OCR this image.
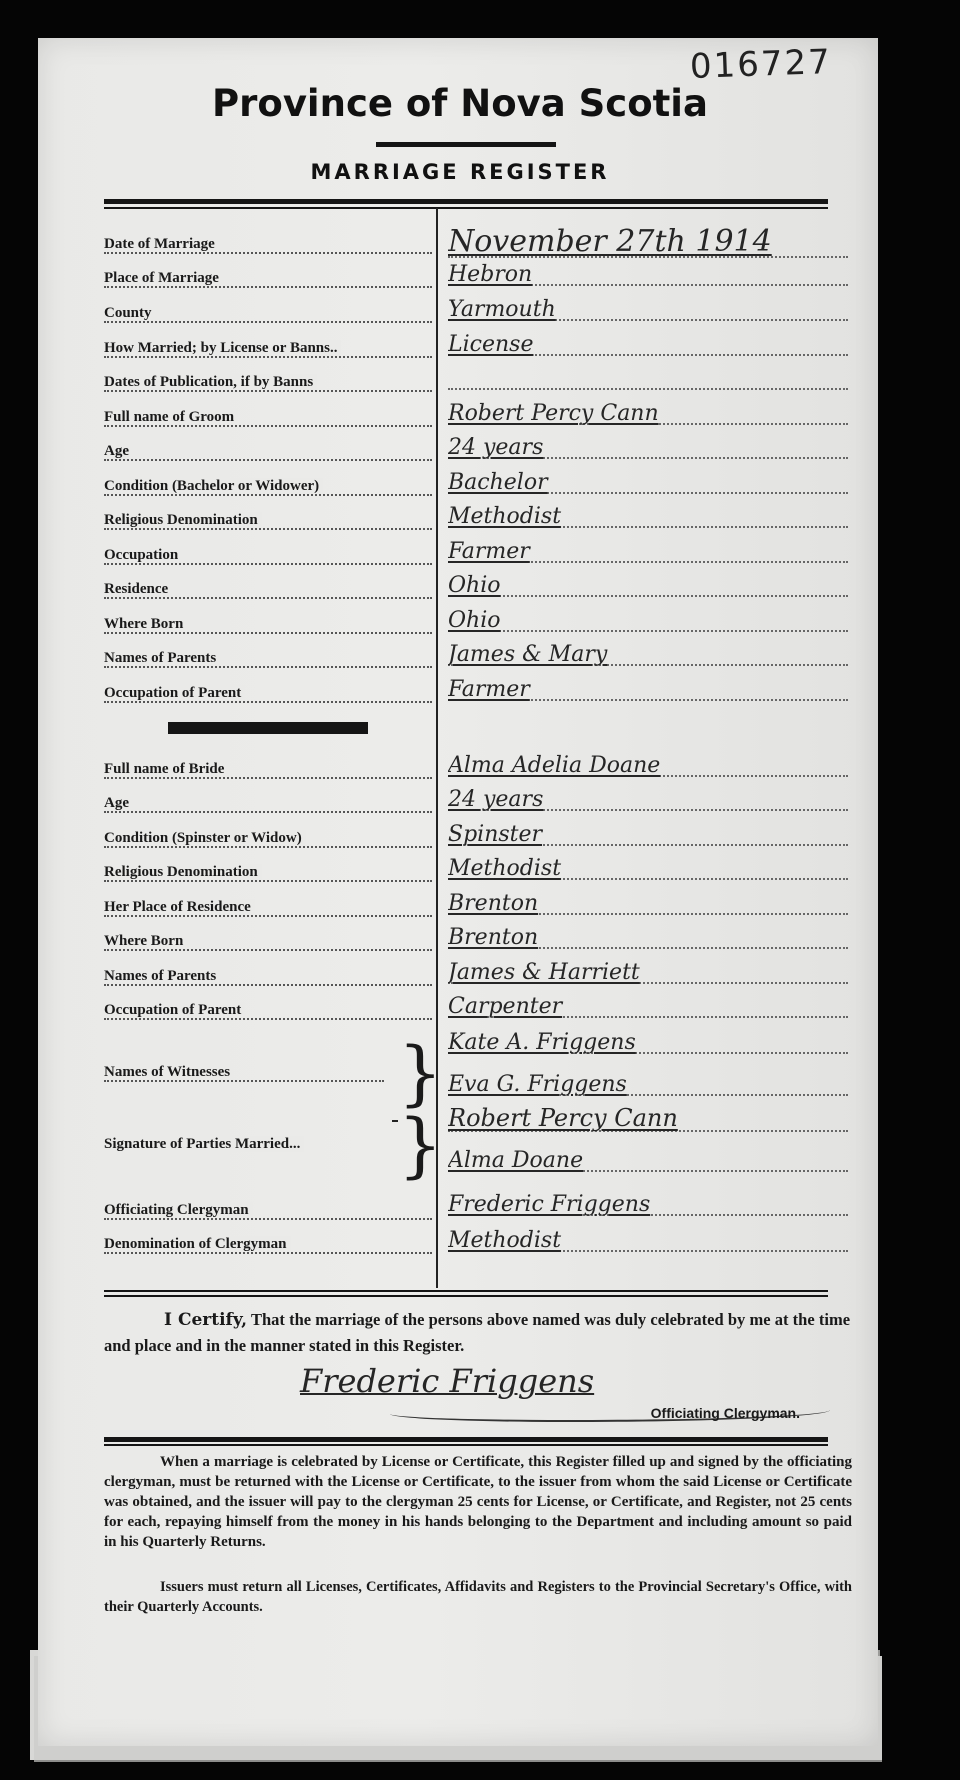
016727
Province of Nova Scotia
MARRIAGE REGISTER
Date of Marriage
Place of Marriage
County
How Married; by License or Banns..
Dates of Publication, if by Banns
Full name of Groom
Age
Condition (Bachelor or Widower)
Religious Denomination
Occupation
Residence
Where Born
Names of Parents
Occupation of Parent
November 27th 1914
Hebron
Yarmouth
License
Robert Percy Cann
24 years
Bachelor
Methodist
Farmer
Ohio
Ohio
James & Mary
Farmer
Full name of Bride
Age
Condition (Spinster or Widow)
Religious Denomination
Her Place of Residence
Where Born
Names of Parents
Occupation of Parent
Alma Adelia Doane
24 years
Spinster
Methodist
Brenton
Brenton
James & Harriett
Carpenter
Names of Witnesses	} Kate A. Friggens
Eva G. Friggens
Signature of Parties Married...	} Robert Percy Cann
Alma Doane
Officiating Clergyman
Denomination of Clergyman
Frederic Friggens
Methodist
I Certify, That the marriage of the persons above named was duly celebrated by me at the time and place and in the manner stated in this Register.
Frederic Friggens
Officiating Clergyman.
When a marriage is celebrated by License or Certificate, this Register filled up and signed by the officiating clergyman, must be returned with the License or Certificate, to the issuer from whom the said License or Certificate was obtained, and the issuer will pay to the clergyman 25 cents for License, or Certificate, and Register, not 25 cents for each, repaying himself from the money in his hands belonging to the Department and including amount so paid in his Quarterly Returns.
Issuers must return all Licenses, Certificates, Affidavits and Registers to the Provincial Secretary's Office, with their Quarterly Accounts.
